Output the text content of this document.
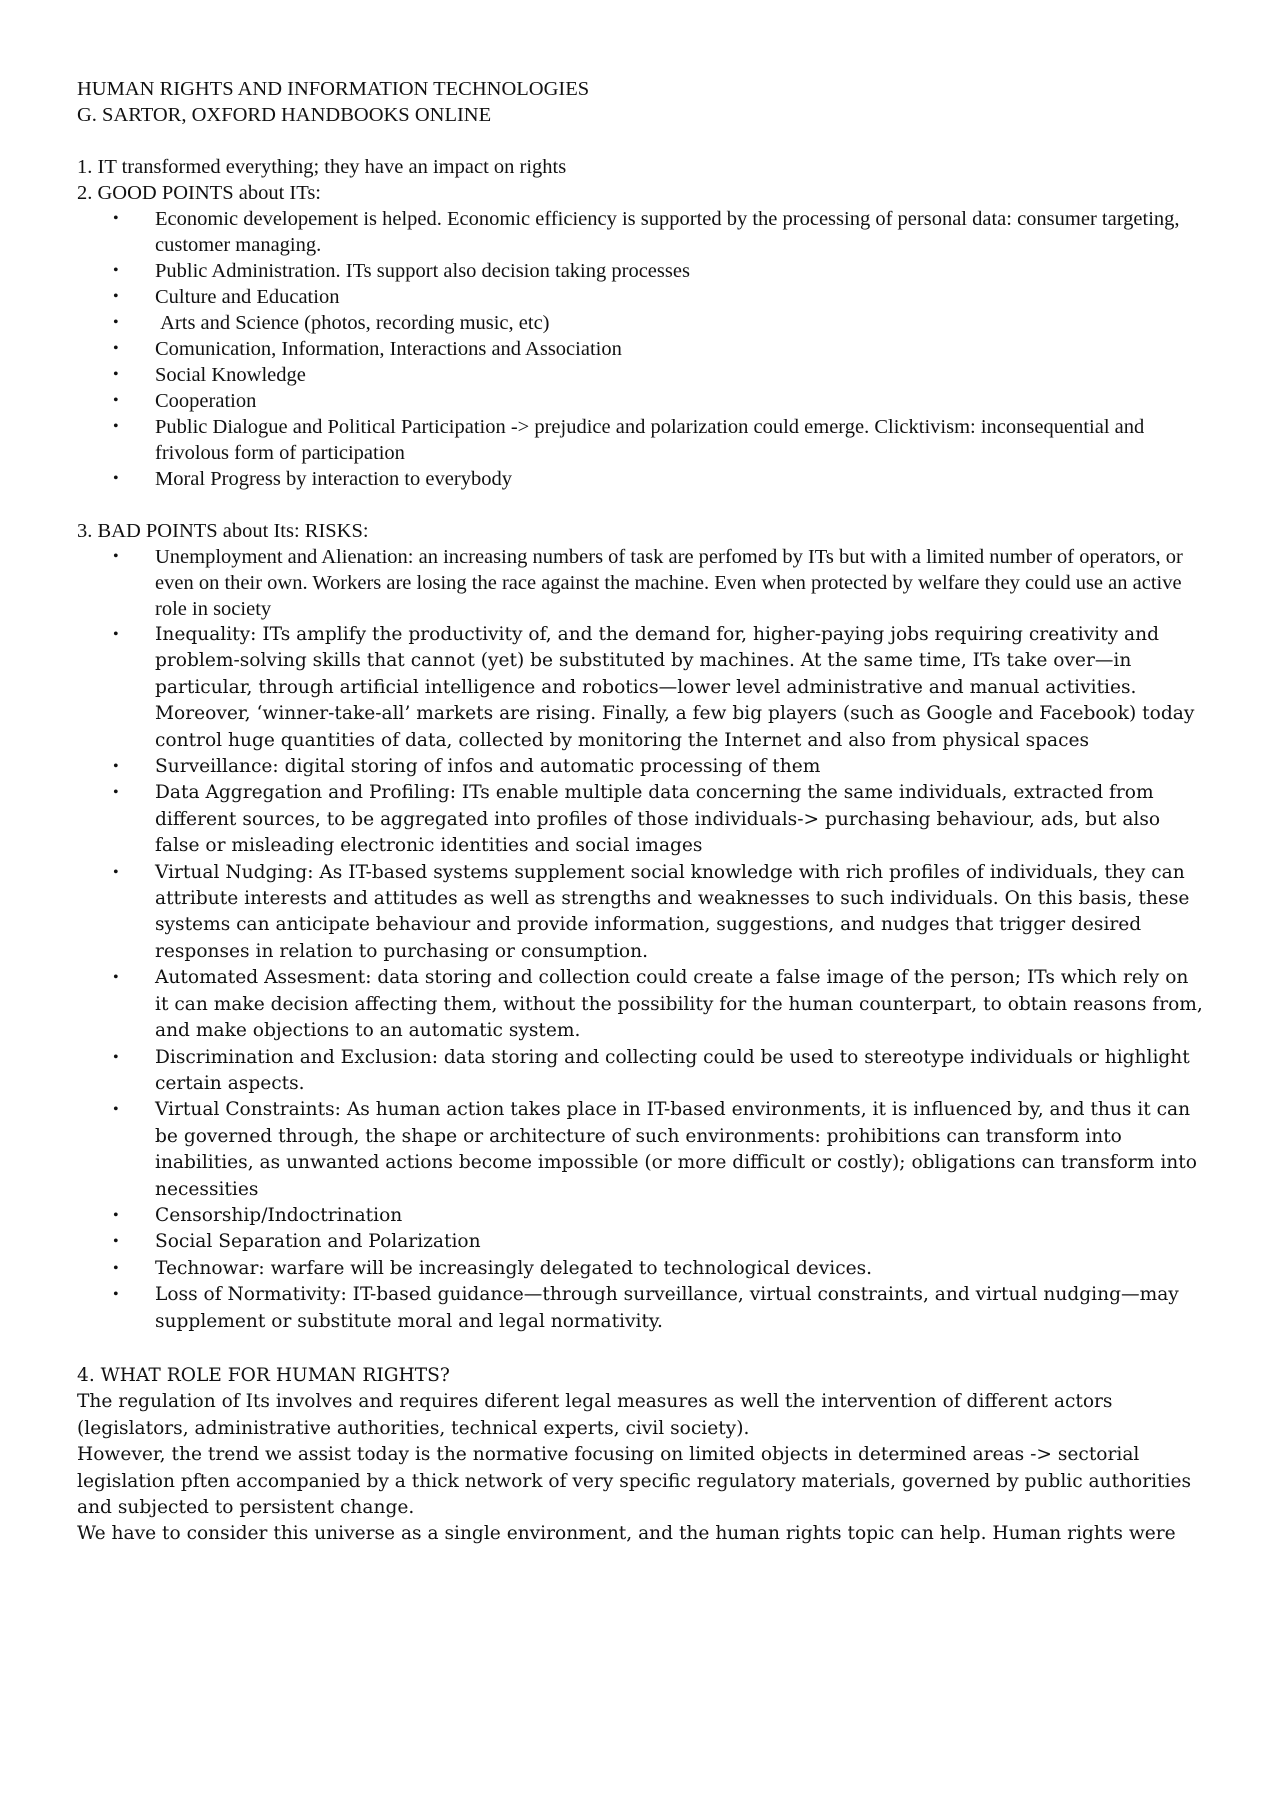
HUMAN RIGHTS AND INFORMATION TECHNOLOGIES

G. SARTOR, OXFORD HANDBOOKS ONLINE

1. IT transformed everything; they have an impact on rights

2. GOOD POINTS about ITs:

• Economic developement is helped. Economic efficiency is supported by the processing of personal data: consumer targeting, customer managing.
• Public Administration. ITs support also decision taking processes
• Culture and Education
• Arts and Science (photos, recording music, etc)
• Comunication, Information, Interactions and Association
• Social Knowledge
• Cooperation
• Public Dialogue and Political Participation -> prejudice and polarization could emerge. Clicktivism: inconsequential and frivolous form of participation
• Moral Progress by interaction to everybody

3. BAD POINTS about Its: RISKS:

• Unemployment and Alienation: an increasing numbers of task are perfomed by ITs but with a limited number of operators, or even on their own. Workers are losing the race against the machine. Even when protected by welfare they could use an active role in society
• Inequality: ITs amplify the productivity of, and the demand for, higher-paying jobs requiring creativity and problem-solving skills that cannot (yet) be substituted by machines. At the same time, ITs take over—in particular, through artificial intelligence and robotics—lower level administrative and manual activities. Moreover, ‘winner-take-all’ markets are rising. Finally, a few big players (such as Google and Facebook) today control huge quantities of data, collected by monitoring the Internet and also from physical spaces
• Surveillance: digital storing of infos and automatic processing of them
• Data Aggregation and Profiling: ITs enable multiple data concerning the same individuals, extracted from different sources, to be aggregated into profiles of those individuals-> purchasing behaviour, ads, but also false or misleading electronic identities and social images
• Virtual Nudging: As IT-based systems supplement social knowledge with rich profiles of individuals, they can attribute interests and attitudes as well as strengths and weaknesses to such individuals. On this basis, these systems can anticipate behaviour and provide information, suggestions, and nudges that trigger desired responses in relation to purchasing or consumption.
• Automated Assesment: data storing and collection could create a false image of the person; ITs which rely on it can make decision affecting them, without the possibility for the human counterpart, to obtain reasons from, and make objections to an automatic system.
• Discrimination and Exclusion: data storing and collecting could be used to stereotype individuals or highlight certain aspects.
• Virtual Constraints: As human action takes place in IT-based environments, it is influenced by, and thus it can be governed through, the shape or architecture of such environments: prohibitions can transform into inabilities, as unwanted actions become impossible (or more difficult or costly); obligations can transform into necessities
• Censorship/Indoctrination
• Social Separation and Polarization
• Technowar: warfare will be increasingly delegated to technological devices.
• Loss of Normativity: IT-based guidance—through surveillance, virtual constraints, and virtual nudging—may supplement or substitute moral and legal normativity.

4. WHAT ROLE FOR HUMAN RIGHTS?

The regulation of Its involves and requires diferent legal measures as well the intervention of different actors (legislators, administrative authorities, technical experts, civil society).

However, the trend we assist today is the normative focusing on limited objects in determined areas -> sectorial legislation pften accompanied by a thick network of very specific regulatory materials, governed by public authorities and subjected to persistent change.

We have to consider this universe as a single environment, and the human rights topic can help. Human rights were
